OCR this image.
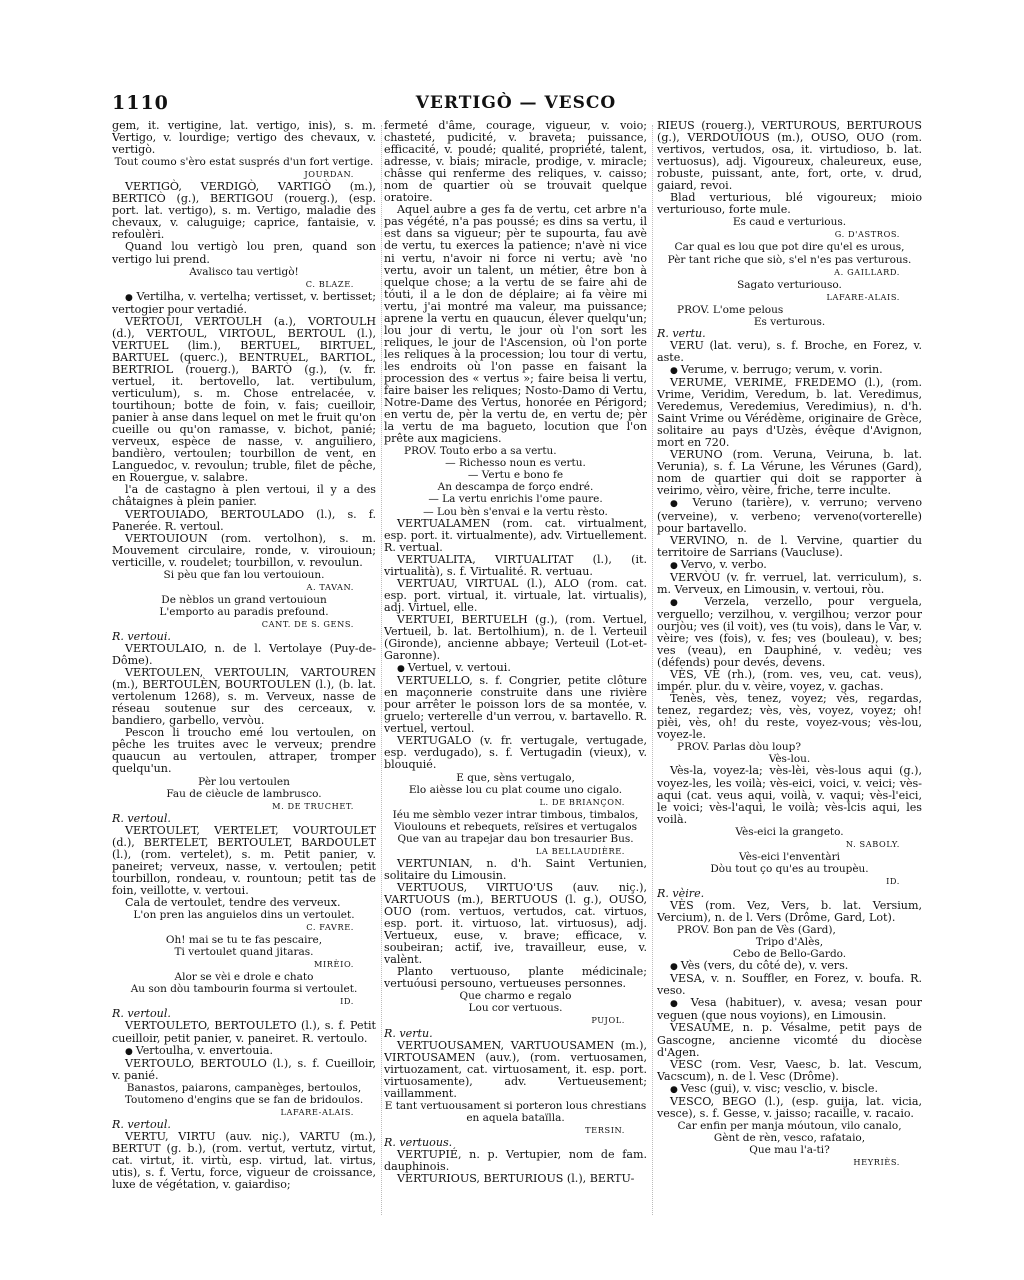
1110	VERTIGÒ — VESCO

gem, it. vertigine, lat. vertigo, inis), s. m. Vertigo, v. lourdige; vertigo des chevaux, v. vertigò.

Tout coumo s'èro estat susprés d'un fort vertige.

JOURDAN.

VERTIGÒ, VERDIGÒ, VARTIGÒ (m.), BERTICÒ (g.), BERTIGOU (rouerg.), (esp. port. lat. vertigo), s. m. Vertigo, maladie des chevaux, v. caluguige; caprice, fantaisie, v. refoulèri.

Quand lou vertigò lou pren, quand son vertigo lui prend.

Avalisco tau vertigò!

C. BLAZE.

● Vertilha, v. vertelha; vertisset, v. bertisset; vertogier pour vertadié.

VERTOUI, VERTOULH (a.), VORTOULH (d.), VERTOUL, VIRTOUL, BERTOUL (l.), VERTUEL (lim.), BERTUEL, BIRTUEL, BARTUEL (querc.), BENTRUEL, BARTIOL, BERTRIOL (rouerg.), BARTÒ (g.), (v. fr. vertuel, it. bertovello, lat. vertibulum, verticulum), s. m. Chose entrelacée, v. tourtihoun; botte de foin, v. fais; cueilloir, panier à anse dans lequel on met le fruit qu'on cueille ou qu'on ramasse, v. bichot, panié; verveux, espèce de nasse, v. anguiliero, bandièro, vertoulen; tourbillon de vent, en Languedoc, v. revoulun; truble, filet de pêche, en Rouergue, v. salabre.

l'a de castagno à plen vertoui, il y a des châtaignes à plein panier.

VERTOUIADO, BERTOULADO (l.), s. f. Panerée. R. vertoul.

VERTOUIOUN (rom. vertolhon), s. m. Mouvement circulaire, ronde, v. virouioun; verticille, v. roudelet; tourbillon, v. revoulun.

Si pèu que fan lou vertouioun.

A. TAVAN.

De nèblos un grand vertouioun

L'emporto au paradis prefound.

CANT. DE S. GENS.

R. vertoui.

VERTOULAIO, n. de l. Vertolaye (Puy-de-Dôme).

VERTOULEN, VERTOULIN, VARTOUREN (m.), BERTOULÈN, BOURTOULEN (l.), (b. lat. vertolenum 1268), s. m. Verveux, nasse de réseau soutenue sur des cerceaux, v. bandiero, garbello, vervòu.

Pescon li troucho emé lou vertoulen, on pêche les truites avec le verveux; prendre quaucun au vertoulen, attraper, tromper quelqu'un.

Pèr lou vertoulen

Fau de cièucle de lambrusco.

M. DE TRUCHET.

R. vertoul.

VERTOULET, VERTELET, VOURTOULET (d.), BERTELET, BERTOULET, BARDOULET (l.), (rom. vertelet), s. m. Petit panier, v. paneiret; verveux, nasse, v. vertoulen; petit tourbillon, rondeau, v. rountoun; petit tas de foin, veillotte, v. vertoui.

Cala de vertoulet, tendre des verveux.

L'on pren las anguielos dins un vertoulet.

C. FAVRE.

Oh! mai se tu te fas pescaire,

Ti vertoulet quand jitaras.

MIRÈIO.

Alor se vèi e drole e chato

Au son dòu tambourin fourma si vertoulet.

ID.

R. vertoul.

VERTOULETO, BERTOULETO (l.), s. f. Petit cueilloir, petit panier, v. paneiret. R. vertoulo.

● Vertoulha, v. envertouia.

VERTOULO, BERTOULO (l.), s. f. Cueilloir, v. panié.

Banastos, paiarons, campanèges, bertoulos,

Toutomeno d'engins que se fan de bridoulos.

LAFARE-ALAIS.

R. vertoul.

VERTU, VIRTU (auv. niç.), VARTU (m.), BERTUT (g. b.), (rom. vertut, vertutz, virtut, cat. virtut, it. virtù, esp. virtud, lat. virtus, utis), s. f. Vertu, force, vigueur de croissance, luxe de végétation, v. gaiardiso;

fermeté d'âme, courage, vigueur, v. voio; chasteté, pudicité, v. braveta; puissance, efficacité, v. poudé; qualité, propriété, talent, adresse, v. biais; miracle, prodige, v. miracle; châsse qui renferme des reliques, v. caisso; nom de quartier où se trouvait quelque oratoire.

Aquel aubre a ges fa de vertu, cet arbre n'a pas végété, n'a pas poussé; es dins sa vertu, il est dans sa vigueur; pèr te supourta, fau avè de vertu, tu exerces la patience; n'avè ni vice ni vertu, n'avoir ni force ni vertu; avè 'no vertu, avoir un talent, un métier, être bon à quelque chose; a la vertu de se faire ahi de tóuti, il a le don de déplaire; ai fa vèire mi vertu, j'ai montré ma valeur, ma puissance; aprene la vertu en quaucun, élever quelqu'un; lou jour di vertu, le jour où l'on sort les reliques, le jour de l'Ascension, où l'on porte les reliques à la procession; lou tour di vertu, les endroits où l'on passe en faisant la procession des « vertus »; faire beisa li vertu, faire baiser les reliques; Nosto-Damo di Vertu, Notre-Dame des Vertus, honorée en Périgord; en vertu de, pèr la vertu de, en vertu de; pèr la vertu de ma bagueto, locution que l'on prête aux magiciens.

PROV. Touto erbo a sa vertu.

— Richesso noun es vertu.

— Vertu e bono fe

An descampa de forço endré.

— La vertu enrichis l'ome paure.

— Lou bèn s'envai e la vertu rèsto.

VERTUALAMEN (rom. cat. virtualment, esp. port. it. virtualmente), adv. Virtuellement. R. vertual.

VERTUALITA, VIRTUALITAT (l.), (it. virtualità), s. f. Virtualité. R. vertuau.

VERTUAU, VIRTUAL (l.), ALO (rom. cat. esp. port. virtual, it. virtuale, lat. virtualis), adj. Virtuel, elle.

VERTUEI, BERTUELH (g.), (rom. Vertuel, Vertueil, b. lat. Bertolhium), n. de l. Verteuil (Gironde), ancienne abbaye; Verteuil (Lot-et-Garonne).

● Vertuel, v. vertoui.

VERTUELLO, s. f. Congrier, petite clôture en maçonnerie construite dans une rivière pour arrêter le poisson lors de sa montée, v. gruelo; verterelle d'un verrou, v. bartavello. R. vertuel, vertoul.

VERTUGALO (v. fr. vertugale, vertugade, esp. verdugado), s. f. Vertugadin (vieux), v. blouquié.

E que, sèns vertugalo,

Elo aièsse lou cu plat coume uno cigalo.

L. DE BRIANÇON.

Iéu me sèmblo vezer intrar timbous, timbalos,

Vioulouns et rebequets, reïsires et vertugalos

Que van au trapejar dau bon tresaurier Bus.

LA BELLAUDIÈRE.

VERTUNIAN, n. d'h. Saint Vertunien, solitaire du Limousin.

VERTUOUS, VIRTUO'US (auv. niç.), VARTUOUS (m.), BERTUOUS (l. g.), OUSO, OUO (rom. vertuos, vertudos, cat. virtuos, esp. port. it. virtuoso, lat. virtuosus), adj. Vertueux, euse, v. brave; efficace, v. soubeiran; actif, ive, travailleur, euse, v. valènt.

Planto vertuouso, plante médicinale; vertuóusi persouno, vertueuses personnes.

Que charmo e regalo

Lou cor vertuous.

PUJOL.

R. vertu.

VERTUOUSAMEN, VARTUOUSAMEN (m.), VIRTOUSAMEN (auv.), (rom. vertuosamen, virtuozament, cat. virtuosament, it. esp. port. virtuosamente), adv. Vertueusement; vaillamment.

E tant vertuousament si porteron lous chrestians

en aquela bataïlla.

TERSIN.

R. vertuous.

VERTUPIÉ, n. p. Vertupier, nom de fam. dauphinois.

VERTURIOUS, BERTURIOUS (l.), BERTU-

RIÉUS (rouerg.), VERTUROUS, BERTUROUS (g.), VERDOUIOUS (m.), OUSO, OUO (rom. vertivos, vertudos, osa, it. virtudioso, b. lat. vertuosus), adj. Vigoureux, chaleureux, euse, robuste, puissant, ante, fort, orte, v. drud, gaiard, revoi.

Blad verturious, blé vigoureux; mioio verturiouso, forte mule.

Es caud e verturious.

G. D'ASTROS.

Car qual es lou que pot dire qu'el es urous,

Pèr tant riche que siò, s'el n'es pas verturous.

A. GAILLARD.

Sagato verturiouso.

LAFARE-ALAIS.

PROV. L'ome pelous

Es verturous.

R. vertu.

VERU (lat. veru), s. f. Broche, en Forez, v. aste.

● Verume, v. berrugo; verum, v. vorin.

VERUME, VERIME, FREDEMO (l.), (rom. Vrime, Veridim, Veredum, b. lat. Veredimus, Veredemus, Veredemius, Veredimius), n. d'h. Saint Vrime ou Vérédème, originaire de Grèce, solitaire au pays d'Uzès, évêque d'Avignon, mort en 720.

VERUNO (rom. Veruna, Veiruna, b. lat. Verunia), s. f. La Vérune, les Vérunes (Gard), nom de quartier qui doit se rapporter à veirimo, vèiro, vèire, friche, terre inculte.

● Veruno (tarière), v. verruno; verveno (verveine), v. verbeno; verveno(vorterelle) pour bartavello.

VERVINO, n. de l. Vervine, quartier du territoire de Sarrians (Vaucluse).

● Vervo, v. verbo.

VERVÒU (v. fr. verruel, lat. verriculum), s. m. Verveux, en Limousin, v. vertoui, ròu.

● Verzela, verzello, pour verguela, verguello; verzilhou, v. vergilhou; verzor pour ourjòu; ves (il voit), ves (tu vois), dans le Var, v. vèire; ves (fois), v. fes; ves (bouleau), v. bes; ves (veau), en Dauphiné, v. vedèu; ves (défends) pour devés, devens.

VÈS, VÈ (rh.), (rom. ves, veu, cat. veus), impér. plur. du v. vèire, voyez, v. gachas.

Tenès, vès, tenez, voyez; vès, regardas, tenez, regardez; vès, vès, voyez, voyez; oh! pièi, vès, oh! du reste, voyez-vous; vès-lou, voyez-le.

PROV. Parlas dòu loup?

Vès-lou.

Vès-la, voyez-la; vès-lèi, vès-lous aqui (g.), voyez-les, les voilà; vès-eici, voici, v. veici; vès-aqui (cat. veus aqui, voilà, v. vaqui; vès-l'eici, le voici; vès-l'aqui, le voilà; vès-lcis aqui, les voilà.

Vès-eici la grangeto.

N. SABOLY.

Vès-eici l'enventàri

Dòu tout ço qu'es au troupèu.

ID.

R. vèire.

VÈS (rom. Vez, Vers, b. lat. Versium, Vercium), n. de l. Vers (Drôme, Gard, Lot).

PROV. Bon pan de Vès (Gard),

Tripo d'Alès,

Cebo de Bello-Gardo.

● Vès (vers, du côté de), v. vers.

VESA, v. n. Souffler, en Forez, v. boufa. R. veso.

● Vesa (habituer), v. avesa; vesan pour veguen (que nous voyions), en Limousin.

VESAUME, n. p. Vésalme, petit pays de Gascogne, ancienne vicomté du diocèse d'Agen.

VESC (rom. Vesr, Vaesc, b. lat. Vescum, Vacscum), n. de l. Vesc (Drôme).

● Vesc (gui), v. visc; vesclio, v. biscle.

VESCO, BEGO (l.), (esp. guija, lat. vicia, vesce), s. f. Gesse, v. jaisso; racaille, v. racaio.

Car enfin per manja móutoun, vilo canalo,

Gènt de rèn, vesco, rafataio,

Que mau l'a-ti?

HEYRIÈS.
